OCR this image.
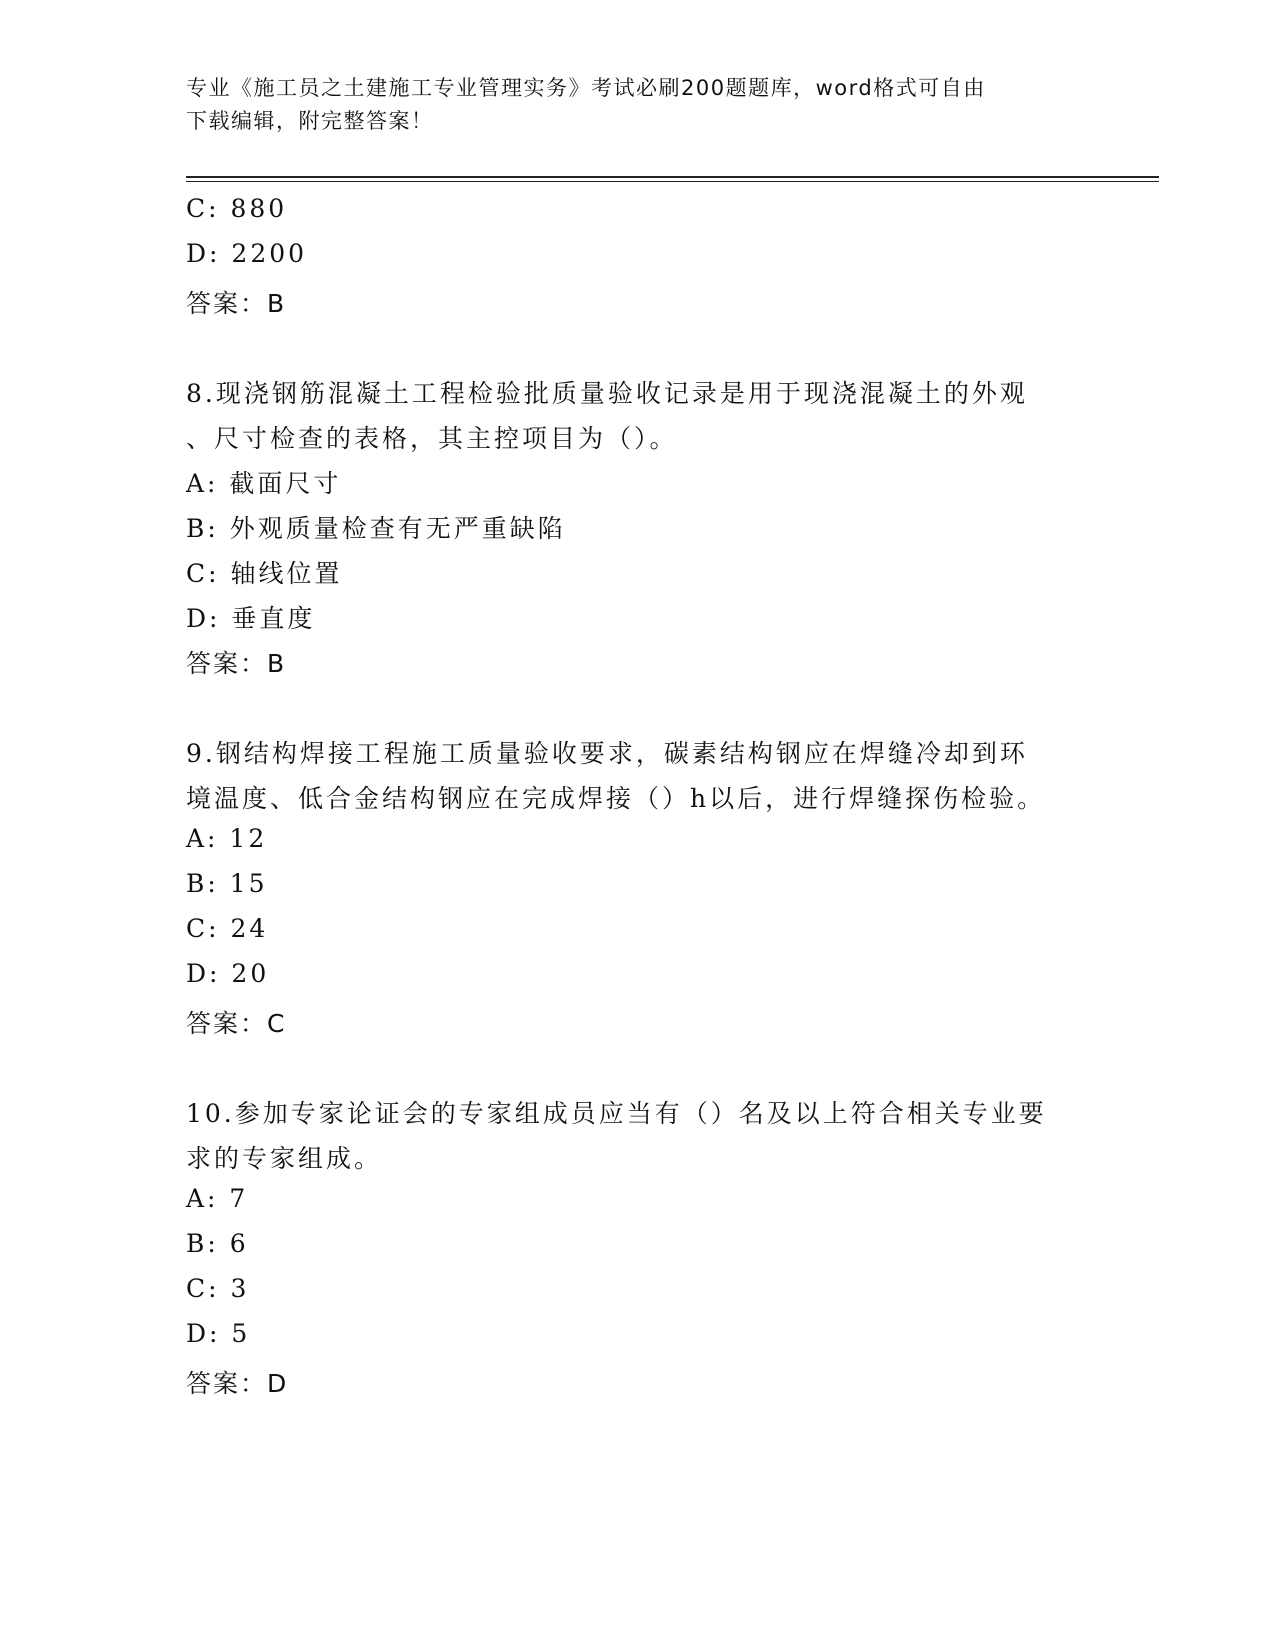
专业《施工员之土建施工专业管理实务》考试必刷200题题库，word格式可自由
下载编辑，附完整答案！
C: 880
D: 2200
答案：B
8.现浇钢筋混凝土工程检验批质量验收记录是用于现浇混凝土的外观
、尺寸检查的表格，其主控项目为（）。
A: 截面尺寸
B: 外观质量检查有无严重缺陷
C: 轴线位置
D: 垂直度
答案：B
9.钢结构焊接工程施工质量验收要求，碳素结构钢应在焊缝冷却到环
境温度、低合金结构钢应在完成焊接（）h以后，进行焊缝探伤检验。
A: 12
B: 15
C: 24
D: 20
答案：C
10.参加专家论证会的专家组成员应当有（）名及以上符合相关专业要
求的专家组成。
A: 7
B: 6
C: 3
D: 5
答案：D
